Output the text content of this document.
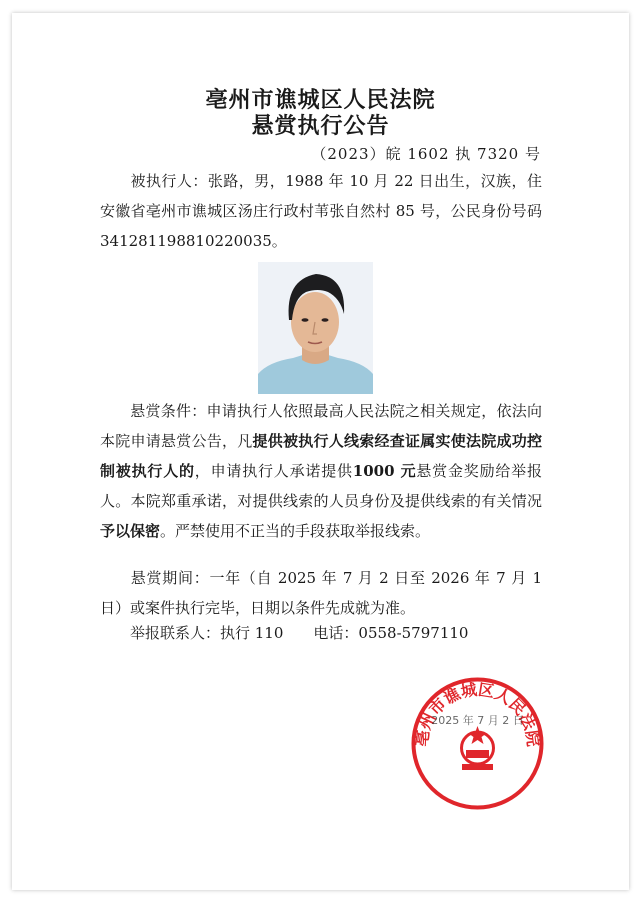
亳州市谯城区人民法院
悬赏执行公告
（2023）皖 1602 执 7320 号
被执行人：张路，男，1988 年 10 月 22 日出生，汉族，住安徽省亳州市谯城区汤庄行政村苇张自然村 85 号，公民身份号码 341281198810220035。
悬赏条件：申请执行人依照最高人民法院之相关规定，依法向本院申请悬赏公告，凡提供被执行人线索经查证属实使法院成功控制被执行人的，申请执行人承诺提供1000 元悬赏金奖励给举报人。本院郑重承诺，对提供线索的人员身份及提供线索的有关情况予以保密。严禁使用不正当的手段获取举报线索。
悬赏期间：一年（自 2025 年 7 月 2 日至 2026 年 7 月 1 日）或案件执行完毕，日期以条件先成就为准。
举报联系人：执行 110　　电话：0558-5797110
亳州市谯城区人民法院
2025 年 7 月 2 日
